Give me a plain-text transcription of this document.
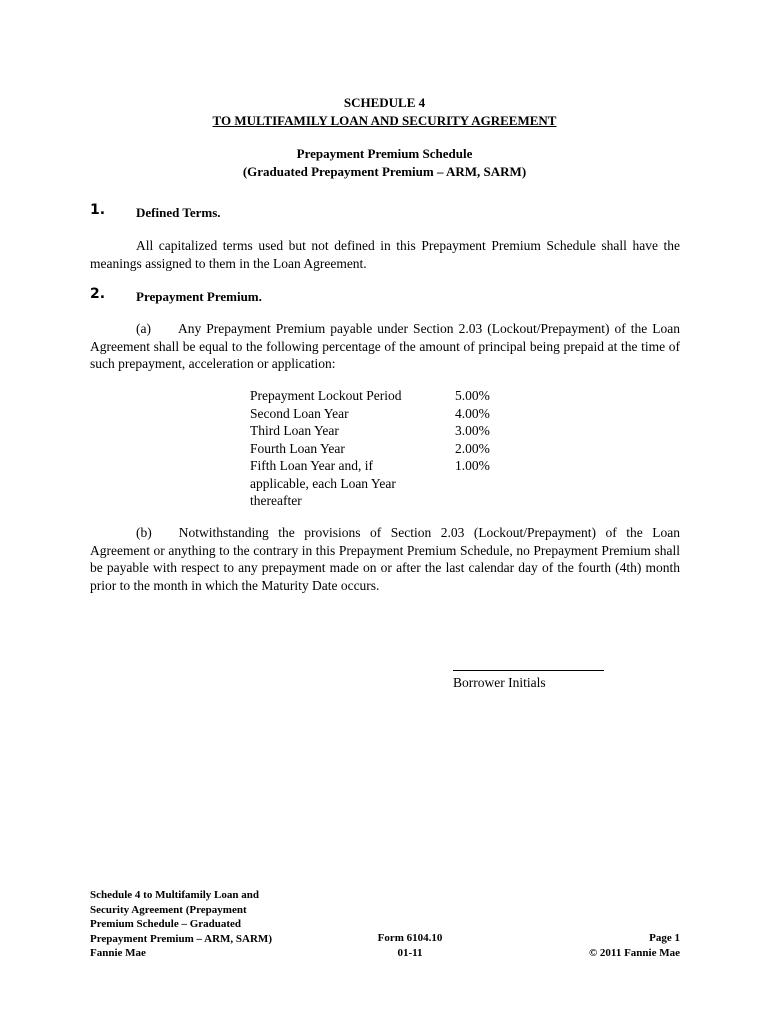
SCHEDULE 4
TO MULTIFAMILY LOAN AND SECURITY AGREEMENT
Prepayment Premium Schedule
(Graduated Prepayment Premium – ARM, SARM)
1. Defined Terms.
All capitalized terms used but not defined in this Prepayment Premium Schedule shall have the meanings assigned to them in the Loan Agreement.
2. Prepayment Premium.
(a) Any Prepayment Premium payable under Section 2.03 (Lockout/Prepayment) of the Loan Agreement shall be equal to the following percentage of the amount of principal being prepaid at the time of such prepayment, acceleration or application:
Prepayment Lockout Period
Second Loan Year
Third Loan Year
Fourth Loan Year
Fifth Loan Year and, if
applicable, each Loan Year
thereafter
5.00%
4.00%
3.00%
2.00%
1.00%
(b) Notwithstanding the provisions of Section 2.03 (Lockout/Prepayment) of the Loan Agreement or anything to the contrary in this Prepayment Premium Schedule, no Prepayment Premium shall be payable with respect to any prepayment made on or after the last calendar day of the fourth (4th) month prior to the month in which the Maturity Date occurs.
Borrower Initials
Schedule 4 to Multifamily Loan and
Security Agreement (Prepayment
Premium Schedule – Graduated
Prepayment Premium – ARM, SARM)
Fannie Mae
Form 6104.10
01-11
Page 1
© 2011 Fannie Mae
